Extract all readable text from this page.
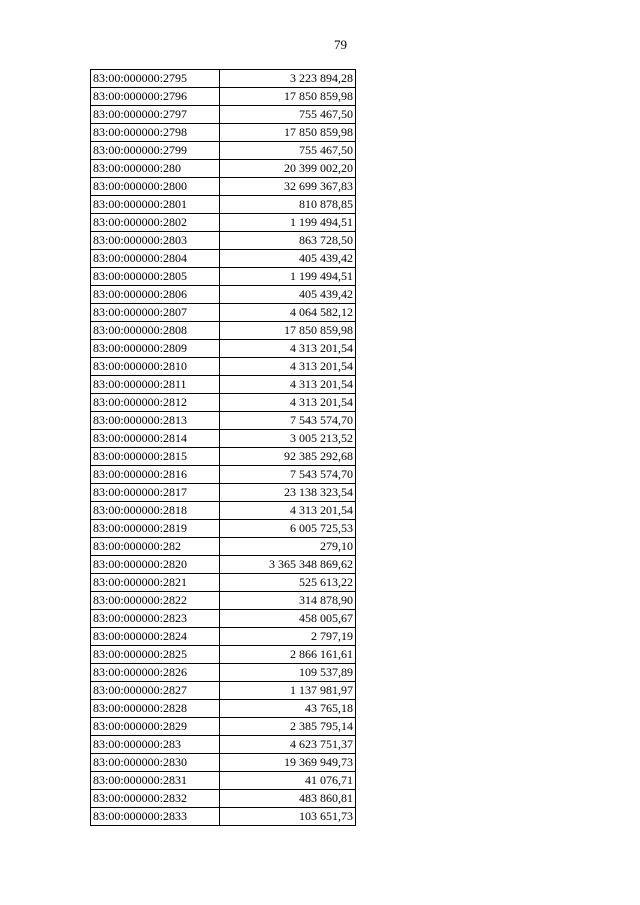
79
83:00:000000:2795	3 223 894,28
83:00:000000:2796	17 850 859,98
83:00:000000:2797	755 467,50
83:00:000000:2798	17 850 859,98
83:00:000000:2799	755 467,50
83:00:000000:280	20 399 002,20
83:00:000000:2800	32 699 367,83
83:00:000000:2801	810 878,85
83:00:000000:2802	1 199 494,51
83:00:000000:2803	863 728,50
83:00:000000:2804	405 439,42
83:00:000000:2805	1 199 494,51
83:00:000000:2806	405 439,42
83:00:000000:2807	4 064 582,12
83:00:000000:2808	17 850 859,98
83:00:000000:2809	4 313 201,54
83:00:000000:2810	4 313 201,54
83:00:000000:2811	4 313 201,54
83:00:000000:2812	4 313 201,54
83:00:000000:2813	7 543 574,70
83:00:000000:2814	3 005 213,52
83:00:000000:2815	92 385 292,68
83:00:000000:2816	7 543 574,70
83:00:000000:2817	23 138 323,54
83:00:000000:2818	4 313 201,54
83:00:000000:2819	6 005 725,53
83:00:000000:282	279,10
83:00:000000:2820	3 365 348 869,62
83:00:000000:2821	525 613,22
83:00:000000:2822	314 878,90
83:00:000000:2823	458 005,67
83:00:000000:2824	2 797,19
83:00:000000:2825	2 866 161,61
83:00:000000:2826	109 537,89
83:00:000000:2827	1 137 981,97
83:00:000000:2828	43 765,18
83:00:000000:2829	2 385 795,14
83:00:000000:283	4 623 751,37
83:00:000000:2830	19 369 949,73
83:00:000000:2831	41 076,71
83:00:000000:2832	483 860,81
83:00:000000:2833	103 651,73
